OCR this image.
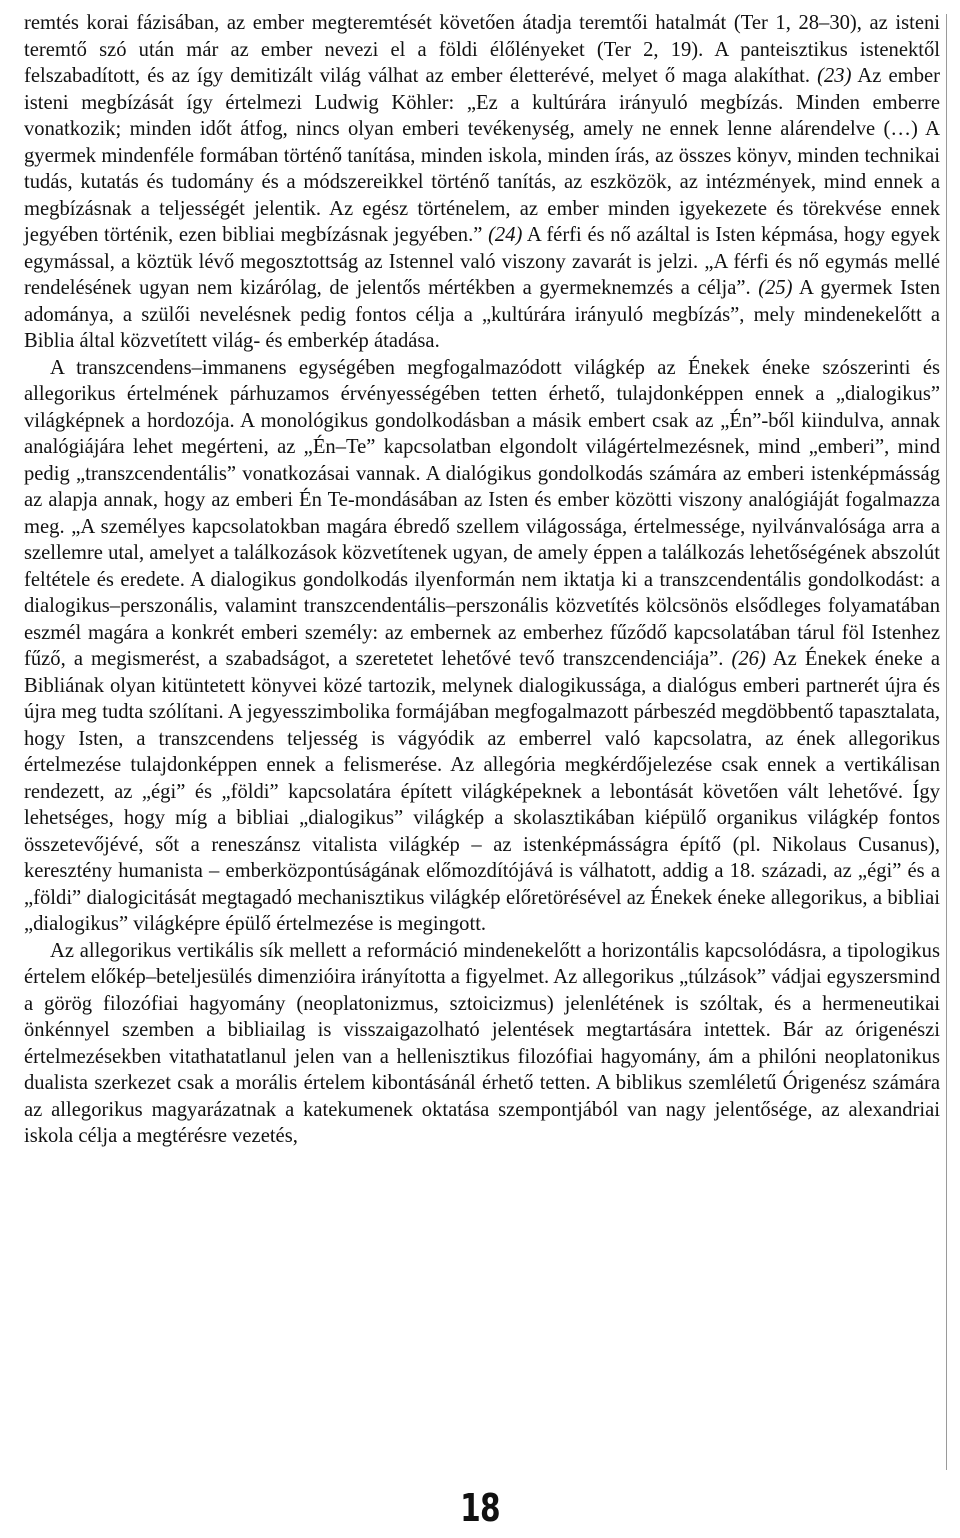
remtés korai fázisában, az ember megteremtését követően átadja teremtői hatalmát (Ter 1, 28–30), az isteni teremtő szó után már az ember nevezi el a földi élőlényeket (Ter 2, 19). A panteisztikus istenektől felszabadított, és az így demitizált világ válhat az ember életterévé, melyet ő maga alakíthat. (23) Az ember isteni megbízását így értelmezi Ludwig Köhler: „Ez a kultúrára irányuló megbízás. Minden emberre vonatkozik; minden időt átfog, nincs olyan emberi tevékenység, amely ne ennek lenne alárendelve (…) A gyermek mindenféle formában történő tanítása, minden iskola, minden írás, az összes könyv, minden technikai tudás, kutatás és tudomány és a módszereikkel történő tanítás, az eszközök, az intézmények, mind ennek a megbízásnak a teljességét jelentik. Az egész történelem, az ember minden igyekezete és törekvése ennek jegyében történik, ezen bibliai megbízásnak jegyében.” (24) A férfi és nő azáltal is Isten képmása, hogy egyek egymással, a köztük lévő megosztottság az Istennel való viszony zavarát is jelzi. „A férfi és nő egymás mellé rendelésének ugyan nem kizárólag, de jelentős mértékben a gyermeknemzés a célja”. (25) A gyermek Isten adománya, a szülői nevelésnek pedig fontos célja a „kultúrára irányuló megbízás”, mely mindenekelőtt a Biblia által közvetített világ- és emberkép átadása.

A transzcendens–immanens egységében megfogalmazódott világkép az Énekek éneke szószerinti és allegorikus értelmének párhuzamos érvényességében tetten érhető, tulajdonképpen ennek a „dialogikus” világképnek a hordozója. A monológikus gondolkodásban a másik embert csak az „Én”-ből kiindulva, annak analógiájára lehet megérteni, az „Én–Te” kapcsolatban elgondolt világértelmezésnek, mind „emberi”, mind pedig „transzcendentális” vonatkozásai vannak. A dialógikus gondolkodás számára az emberi istenképmásság az alapja annak, hogy az emberi Én Te-mondásában az Isten és ember közötti viszony analógiáját fogalmazza meg. „A személyes kapcsolatokban magára ébredő szellem világossága, értelmessége, nyilvánvalósága arra a szellemre utal, amelyet a találkozások közvetítenek ugyan, de amely éppen a találkozás lehetőségének abszolút feltétele és eredete. A dialogikus gondolkodás ilyenformán nem iktatja ki a transzcendentális gondolkodást: a dialogikus–perszonális, valamint transzcendentális–perszonális közvetítés kölcsönös elsődleges folyamatában eszmél magára a konkrét emberi személy: az embernek az emberhez fűződő kapcsolatában tárul föl Istenhez fűző, a megismerést, a szabadságot, a szeretetet lehetővé tevő transzcendenciája”. (26) Az Énekek éneke a Bibliának olyan kitüntetett könyvei közé tartozik, melynek dialogikussága, a dialógus emberi partnerét újra és újra meg tudta szólítani. A jegyesszimbolika formájában megfogalmazott párbeszéd megdöbbentő tapasztalata, hogy Isten, a transzcendens teljesség is vágyódik az emberrel való kapcsolatra, az ének allegorikus értelmezése tulajdonképpen ennek a felismerése. Az allegória megkérdőjelezése csak ennek a vertikálisan rendezett, az „égi” és „földi” kapcsolatára épített világképeknek a lebontását követően vált lehetővé. Így lehetséges, hogy míg a bibliai „dialogikus” világkép a skolasztikában kiépülő organikus világkép fontos összetevőjévé, sőt a reneszánsz vitalista világkép – az istenképmásságra építő (pl. Nikolaus Cusanus), keresztény humanista – emberközpontúságának előmozdítójává is válhatott, addig a 18. századi, az „égi” és a „földi” dialogicitását megtagadó mechanisztikus világkép előretörésével az Énekek éneke allegorikus, a bibliai „dialogikus” világképre épülő értelmezése is megingott.

Az allegorikus vertikális sík mellett a reformáció mindenekelőtt a horizontális kapcsolódásra, a tipologikus értelem előkép–beteljesülés dimenzióira irányította a figyelmet. Az allegorikus „túlzások” vádjai egyszersmind a görög filozófiai hagyomány (neoplatonizmus, sztoicizmus) jelenlétének is szóltak, és a hermeneutikai önkénnyel szemben a bibliailag is visszaigazolható jelentések megtartására intettek. Bár az órigenészi értelmezésekben vitathatatlanul jelen van a hellenisztikus filozófiai hagyomány, ám a philóni neoplatonikus dualista szerkezet csak a morális értelem kibontásánál érhető tetten. A biblikus szemléletű Órigenész számára az allegorikus magyarázatnak a katekumenek oktatása szempontjából van nagy jelentősége, az alexandriai iskola célja a megtérésre vezetés,

18
